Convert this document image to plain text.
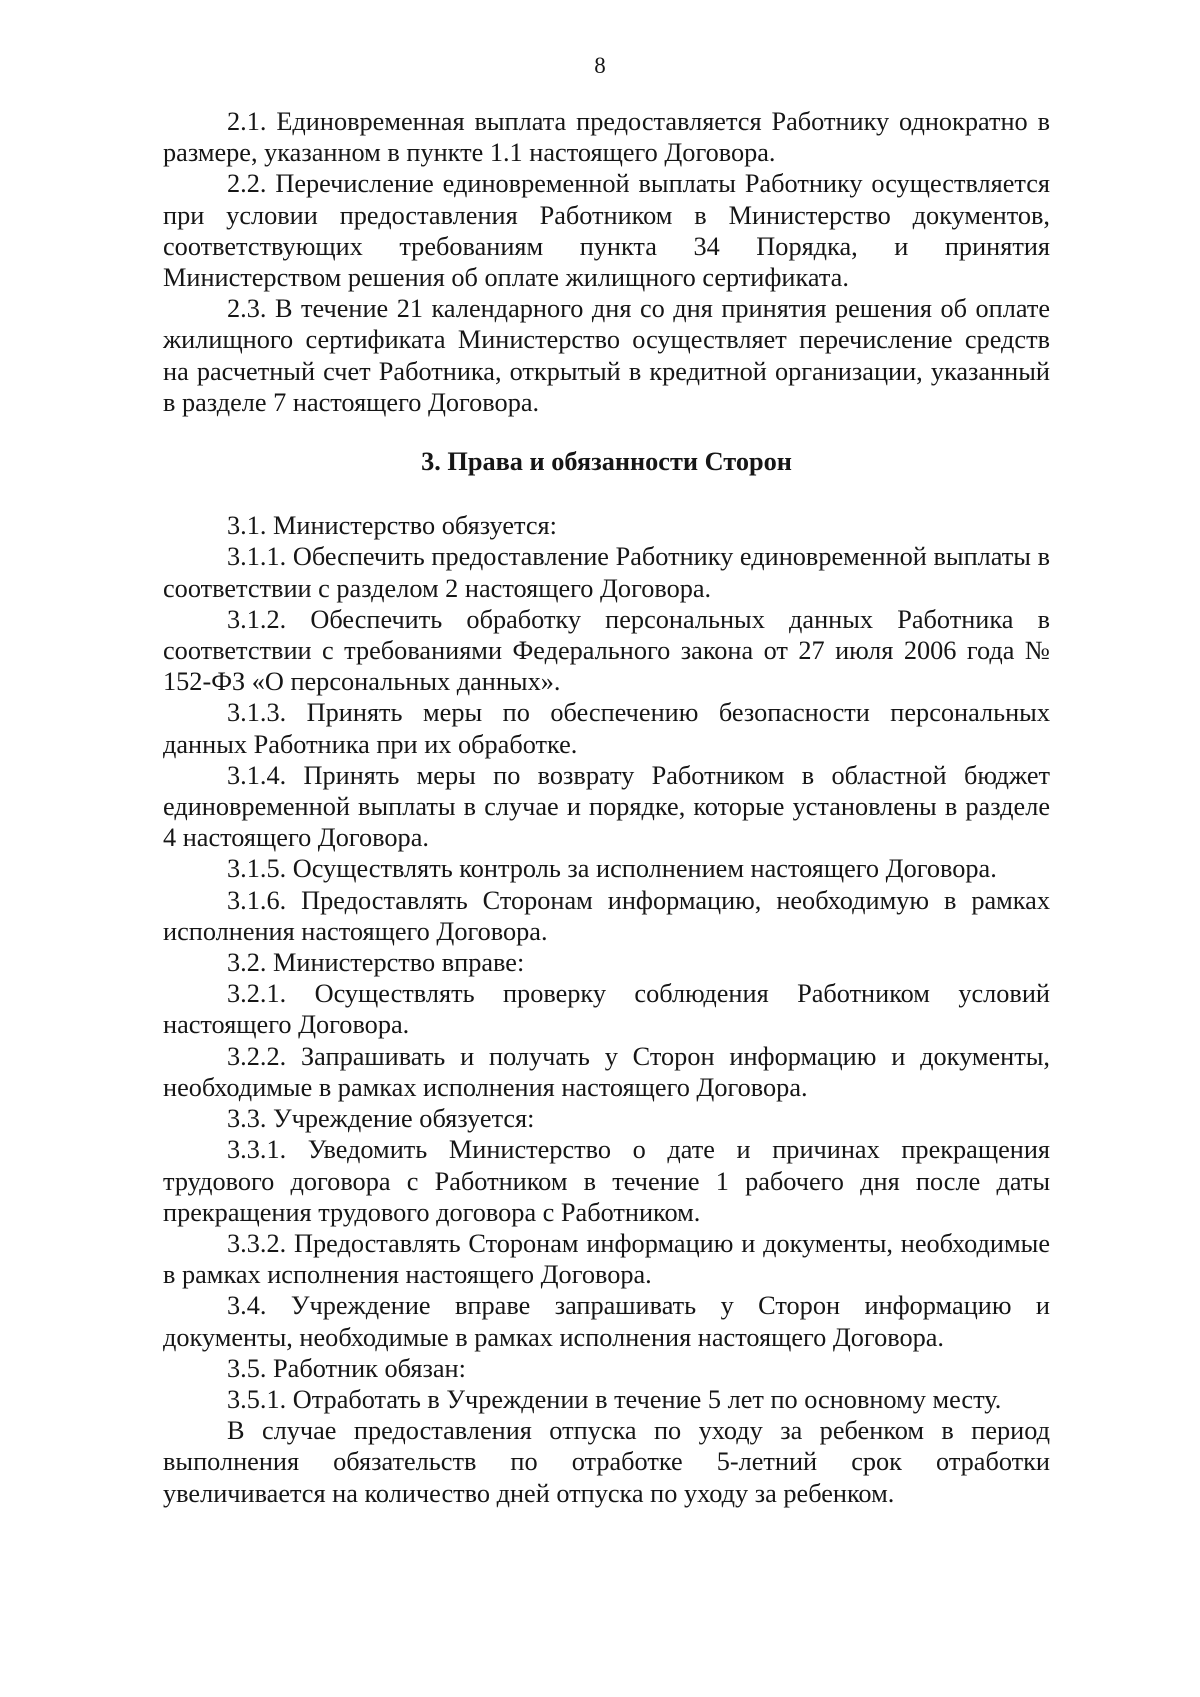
8

2.1. Единовременная выплата предоставляется Работнику однократно в размере, указанном в пункте 1.1 настоящего Договора.

2.2. Перечисление единовременной выплаты Работнику осуществляется при условии предоставления Работником в Министерство документов, соответствующих требованиям пункта 34 Порядка, и принятия Министерством решения об оплате жилищного сертификата.

2.3. В течение 21 календарного дня со дня принятия решения об оплате жилищного сертификата Министерство осуществляет перечисление средств на расчетный счет Работника, открытый в кредитной организации, указанный в разделе 7 настоящего Договора.

3. Права и обязанности Сторон

3.1. Министерство обязуется:

3.1.1. Обеспечить предоставление Работнику единовременной выплаты в соответствии с разделом 2 настоящего Договора.

3.1.2. Обеспечить обработку персональных данных Работника в соответствии с требованиями Федерального закона от 27 июля 2006 года № 152-ФЗ «О персональных данных».

3.1.3. Принять меры по обеспечению безопасности персональных данных Работника при их обработке.

3.1.4. Принять меры по возврату Работником в областной бюджет единовременной выплаты в случае и порядке, которые установлены в разделе 4 настоящего Договора.

3.1.5. Осуществлять контроль за исполнением настоящего Договора.

3.1.6. Предоставлять Сторонам информацию, необходимую в рамках исполнения настоящего Договора.

3.2. Министерство вправе:

3.2.1. Осуществлять проверку соблюдения Работником условий настоящего Договора.

3.2.2. Запрашивать и получать у Сторон информацию и документы, необходимые в рамках исполнения настоящего Договора.

3.3. Учреждение обязуется:

3.3.1. Уведомить Министерство о дате и причинах прекращения трудового договора с Работником в течение 1 рабочего дня после даты прекращения трудового договора с Работником.

3.3.2. Предоставлять Сторонам информацию и документы, необходимые в рамках исполнения настоящего Договора.

3.4. Учреждение вправе запрашивать у Сторон информацию и документы, необходимые в рамках исполнения настоящего Договора.

3.5. Работник обязан:

3.5.1. Отработать в Учреждении в течение 5 лет по основному месту.

В случае предоставления отпуска по уходу за ребенком в период выполнения обязательств по отработке 5-летний срок отработки увеличивается на количество дней отпуска по уходу за ребенком.
